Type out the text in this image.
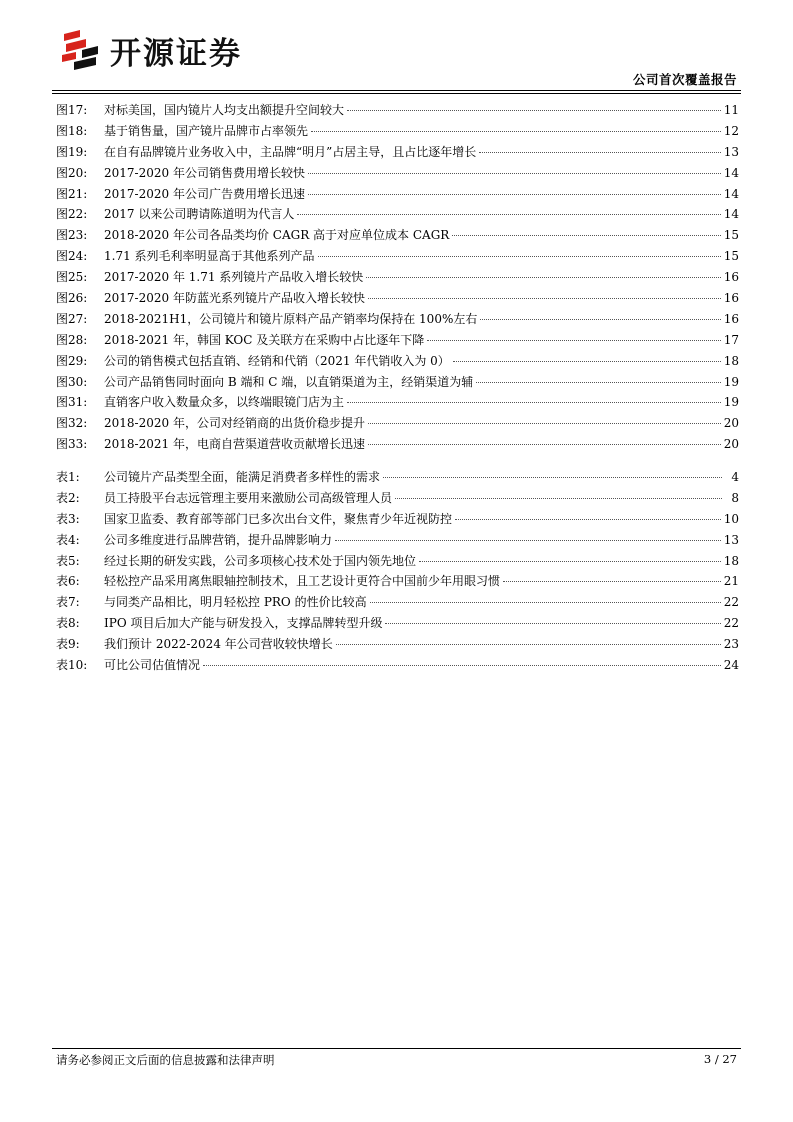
开源证券
公司首次覆盖报告
图17:	对标美国，国内镜片人均支出额提升空间较大	11
图18:	基于销售量，国产镜片品牌市占率领先	12
图19:	在自有品牌镜片业务收入中，主品牌“明月”占居主导，且占比逐年增长	13
图20:	2017-2020 年公司销售费用增长较快	14
图21:	2017-2020 年公司广告费用增长迅速	14
图22:	2017 以来公司聘请陈道明为代言人	14
图23:	2018-2020 年公司各品类均价 CAGR 高于对应单位成本 CAGR	15
图24:	1.71 系列毛利率明显高于其他系列产品	15
图25:	2017-2020 年 1.71 系列镜片产品收入增长较快	16
图26:	2017-2020 年防蓝光系列镜片产品收入增长较快	16
图27:	2018-2021H1，公司镜片和镜片原料产品产销率均保持在 100%左右	16
图28:	2018-2021 年，韩国 KOC 及关联方在采购中占比逐年下降	17
图29:	公司的销售模式包括直销、经销和代销（2021 年代销收入为 0）	18
图30:	公司产品销售同时面向 B 端和 C 端，以直销渠道为主，经销渠道为辅	19
图31:	直销客户收入数量众多，以终端眼镜门店为主	19
图32:	2018-2020 年，公司对经销商的出货价稳步提升	20
图33:	2018-2021 年，电商自营渠道营收贡献增长迅速	20
表1:	公司镜片产品类型全面，能满足消费者多样性的需求	4
表2:	员工持股平台志远管理主要用来激励公司高级管理人员	8
表3:	国家卫监委、教育部等部门已多次出台文件，聚焦青少年近视防控	10
表4:	公司多维度进行品牌营销，提升品牌影响力	13
表5:	经过长期的研发实践，公司多项核心技术处于国内领先地位	18
表6:	轻松控产品采用离焦眼轴控制技术，且工艺设计更符合中国前少年用眼习惯	21
表7:	与同类产品相比，明月轻松控 PRO 的性价比较高	22
表8:	IPO 项目后加大产能与研发投入，支撑品牌转型升级	22
表9:	我们预计 2022-2024 年公司营收较快增长	23
表10:	可比公司估值情况	24
请务必参阅正文后面的信息披露和法律声明	3 / 27
